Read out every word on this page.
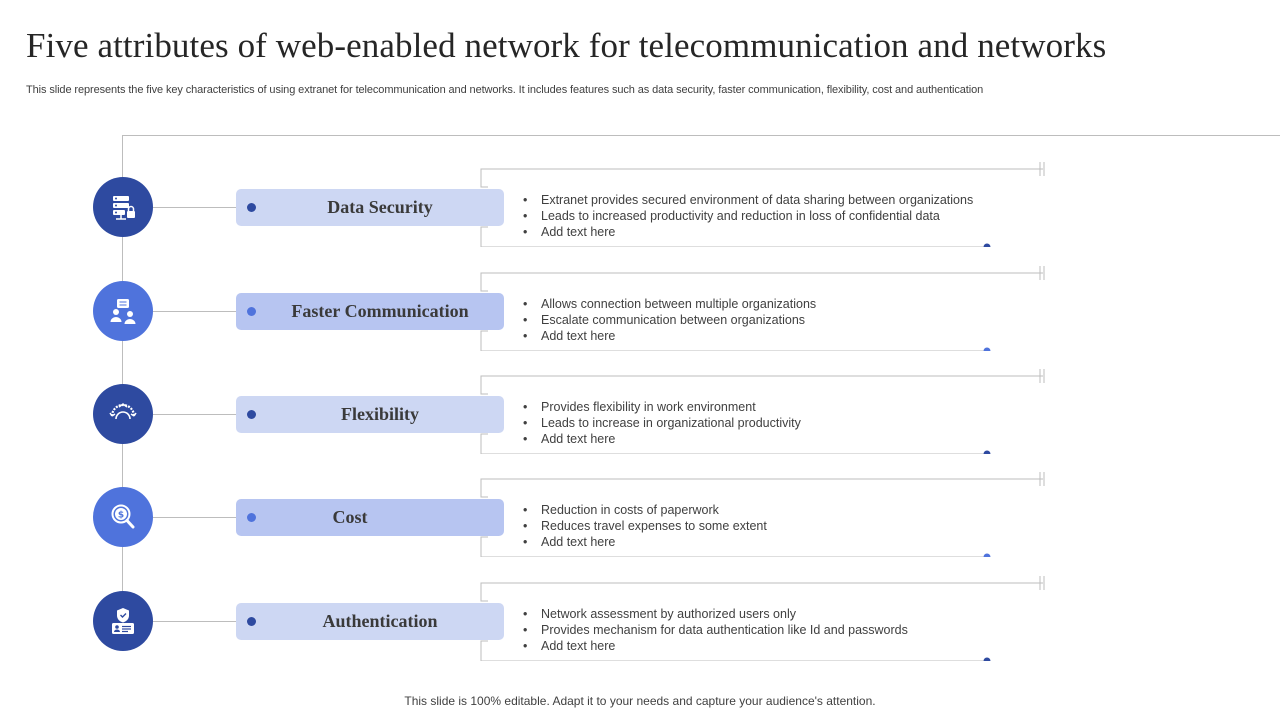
Five attributes of web-enabled network for telecommunication and networks

This slide represents the five key characteristics of using extranet for telecommunication and networks. It includes features such as data security, faster communication, flexibility, cost and authentication

Data Security	• Extranet provides secured environment of data sharing between organizations
• Leads to increased productivity and reduction in loss of confidential data
• Add text here
Faster Communication	• Allows connection between multiple organizations
• Escalate communication between organizations
• Add text here
Flexibility	• Provides flexibility in work environment
• Leads to increase in organizational productivity
• Add text here
$	Cost	• Reduction in costs of paperwork
• Reduces travel expenses to some extent
• Add text here
Authentication	• Network assessment by authorized users only
• Provides mechanism for data authentication like Id and passwords
• Add text here
This slide is 100% editable. Adapt it to your needs and capture your audience's attention.
